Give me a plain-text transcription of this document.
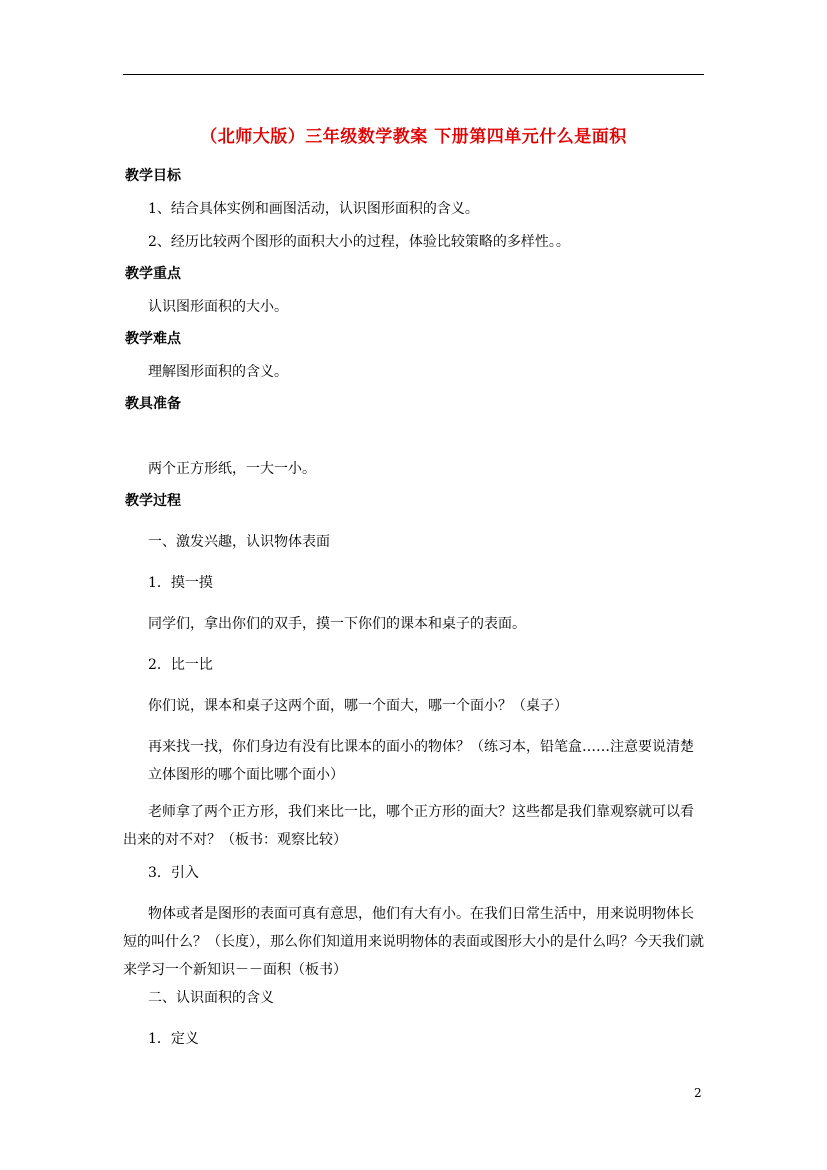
（北师大版）三年级数学教案 下册第四单元什么是面积
教学目标
1、结合具体实例和画图活动，认识图形面积的含义。
2、经历比较两个图形的面积大小的过程，体验比较策略的多样性。。
教学重点
认识图形面积的大小。
教学难点
理解图形面积的含义。
教具准备
两个正方形纸，一大一小。
教学过程
一、激发兴趣，认识物体表面
1．摸一摸
同学们，拿出你们的双手，摸一下你们的课本和桌子的表面。
2．比一比
你们说，课本和桌子这两个面，哪一个面大，哪一个面小？（桌子）
再来找一找，你们身边有没有比课本的面小的物体？（练习本，铅笔盒……注意要说清楚立体图形的哪个面比哪个面小）
老师拿了两个正方形，我们来比一比，哪个正方形的面大？这些都是我们靠观察就可以看出来的对不对？（板书：观察比较）
3．引入
物体或者是图形的表面可真有意思，他们有大有小。在我们日常生活中，用来说明物体长短的叫什么？（长度），那么你们知道用来说明物体的表面或图形大小的是什么吗？今天我们就来学习一个新知识－－面积（板书）
二、认识面积的含义
1．定义
2
